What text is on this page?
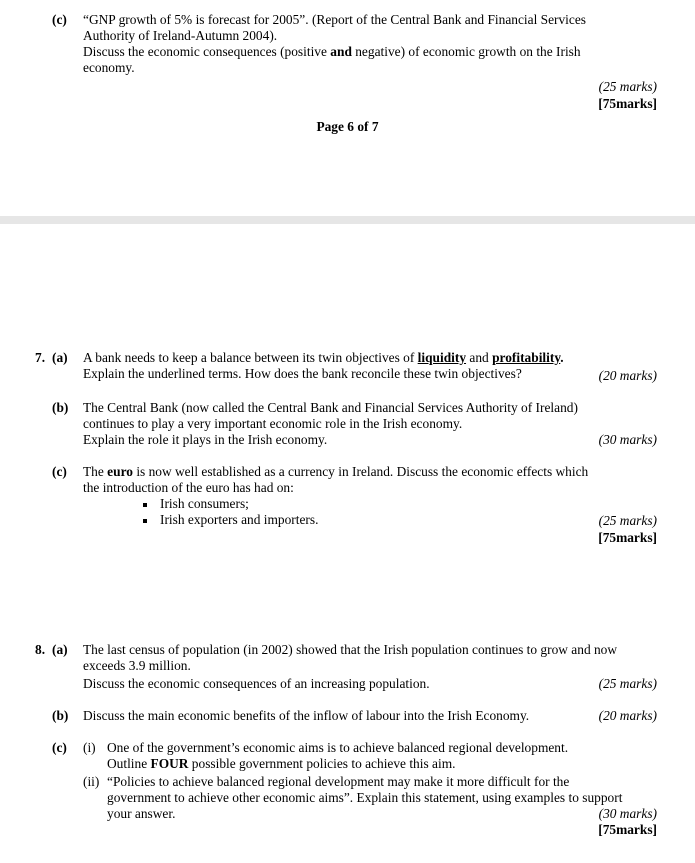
(c) “GNP growth of 5% is forecast for 2005”. (Report of the Central Bank and Financial Services
Authority of Ireland-Autumn 2004).
Discuss the economic consequences (positive and negative) of economic growth on the Irish
economy.
(25 marks)
[75marks]
Page 6 of 7
7. (a) A bank needs to keep a balance between its twin objectives of liquidity and profitability.
Explain the underlined terms. How does the bank reconcile these twin objectives?	(20 marks)
(b) The Central Bank (now called the Central Bank and Financial Services Authority of Ireland)
continues to play a very important economic role in the Irish economy.
Explain the role it plays in the Irish economy.	(30 marks)
(c) The euro is now well established as a currency in Ireland. Discuss the economic effects which
the introduction of the euro has had on:
Irish consumers;
Irish exporters and importers.	(25 marks)
[75marks]
8. (a) The last census of population (in 2002) showed that the Irish population continues to grow and now
exceeds 3.9 million.
Discuss the economic consequences of an increasing population.	(25 marks)
(b) Discuss the main economic benefits of the inflow of labour into the Irish Economy.	(20 marks)
(c) (i) One of the government’s economic aims is to achieve balanced regional development.
Outline FOUR possible government policies to achieve this aim.
(ii) “Policies to achieve balanced regional development may make it more difficult for the
government to achieve other economic aims”. Explain this statement, using examples to support
your answer.	(30 marks)
[75marks]
